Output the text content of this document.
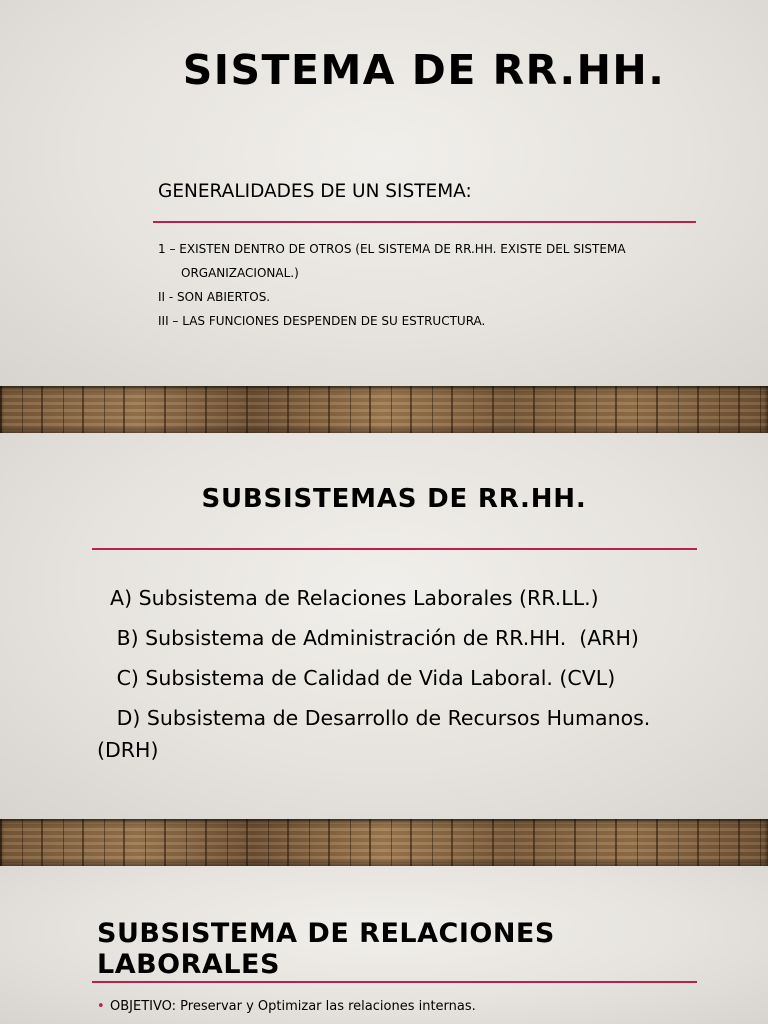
SISTEMA DE RR.HH.
GENERALIDADES DE UN SISTEMA:
1 – EXISTEN DENTRO DE OTROS (EL SISTEMA DE RR.HH. EXISTE DEL SISTEMA
ORGANIZACIONAL.)
II - SON ABIERTOS.
III – LAS FUNCIONES DESPENDEN DE SU ESTRUCTURA.
SUBSISTEMAS DE RR.HH.
A) Subsistema de Relaciones Laborales (RR.LL.)
B) Subsistema de Administración de RR.HH.  (ARH)
C) Subsistema de Calidad de Vida Laboral. (CVL)
D) Subsistema de Desarrollo de Recursos Humanos. (DRH)
SUBSISTEMA DE RELACIONES LABORALES
• OBJETIVO: Preservar y Optimizar las relaciones internas.
